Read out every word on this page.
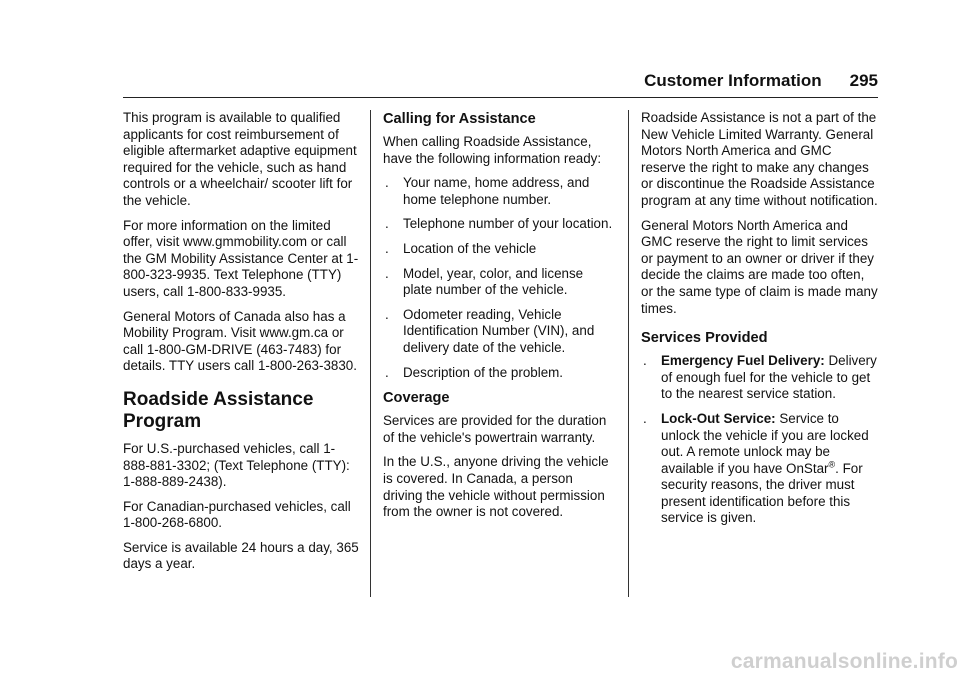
Customer Information 295

This program is available to qualified applicants for cost reimbursement of eligible aftermarket adaptive equipment required for the vehicle, such as hand controls or a wheelchair/ scooter lift for the vehicle.

For more information on the limited offer, visit www.gmmobility.com or call the GM Mobility Assistance Center at 1-800-323-9935. Text Telephone (TTY) users, call 1-800-833-9935.

General Motors of Canada also has a Mobility Program. Visit www.gm.ca or call 1-800-GM-DRIVE (463-7483) for details. TTY users call 1-800-263-3830.

Roadside Assistance Program

For U.S.-purchased vehicles, call 1-888-881-3302; (Text Telephone (TTY): 1-888-889-2438).

For Canadian-purchased vehicles, call 1-800-268-6800.

Service is available 24 hours a day, 365 days a year.

Calling for Assistance

When calling Roadside Assistance, have the following information ready:

. Your name, home address, and home telephone number.
. Telephone number of your location.
. Location of the vehicle
. Model, year, color, and license plate number of the vehicle.
. Odometer reading, Vehicle Identification Number (VIN), and delivery date of the vehicle.
. Description of the problem.
Coverage

Services are provided for the duration of the vehicle's powertrain warranty.

In the U.S., anyone driving the vehicle is covered. In Canada, a person driving the vehicle without permission from the owner is not covered.

Roadside Assistance is not a part of the New Vehicle Limited Warranty. General Motors North America and GMC reserve the right to make any changes or discontinue the Roadside Assistance program at any time without notification.

General Motors North America and GMC reserve the right to limit services or payment to an owner or driver if they decide the claims are made too often, or the same type of claim is made many times.

Services Provided
. Emergency Fuel Delivery: Delivery of enough fuel for the vehicle to get to the nearest service station.
. Lock-Out Service: Service to unlock the vehicle if you are locked out. A remote unlock may be available if you have OnStar®. For security reasons, the driver must present identification before this service is given.
carmanualsonline.info
